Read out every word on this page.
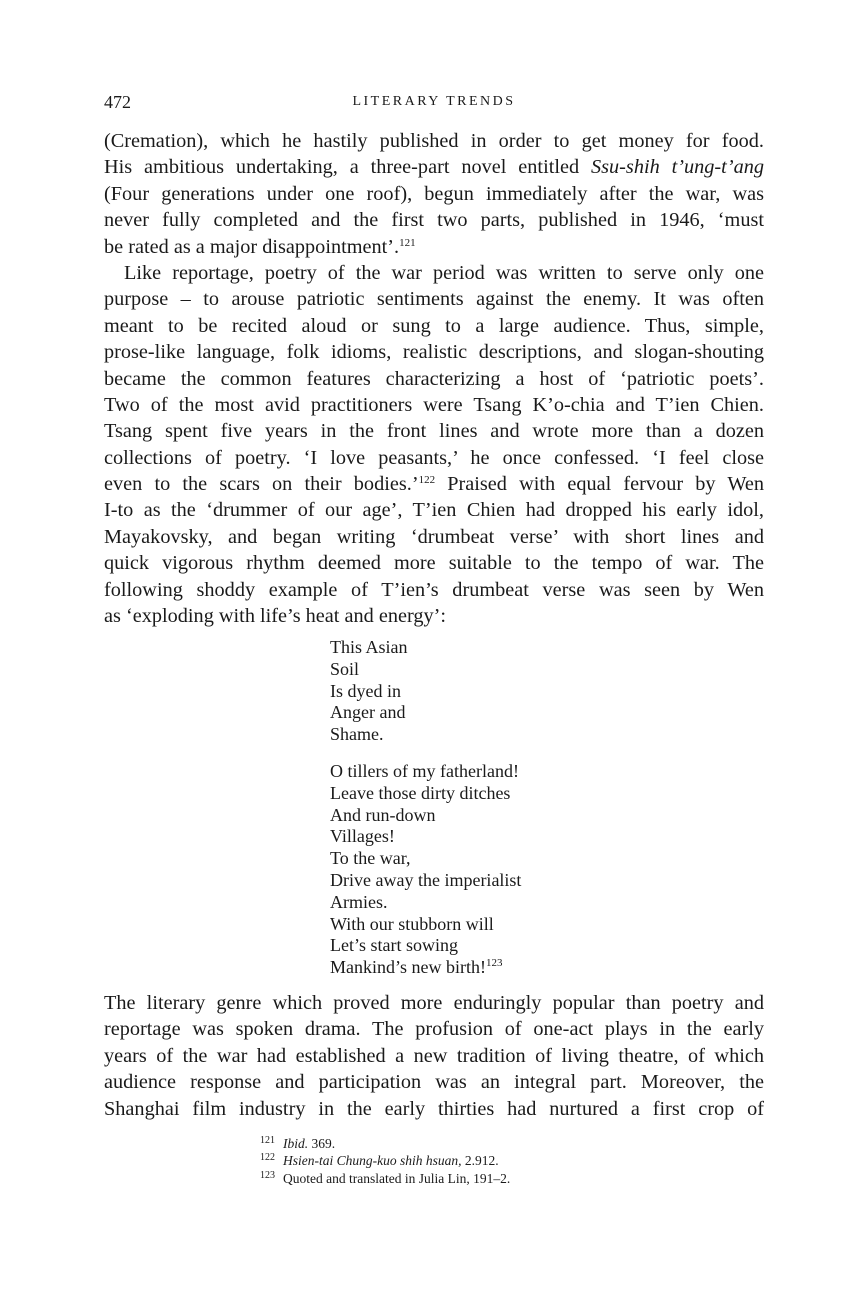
472	LITERARY TRENDS
(Cremation), which he hastily published in order to get money for food.
His ambitious undertaking, a three-part novel entitled Ssu-shih t’ung-t’ang
(Four generations under one roof), begun immediately after the war, was
never fully completed and the first two parts, published in 1946, ‘must
be rated as a major disappointment’.$^{121}$
Like reportage, poetry of the war period was written to serve only one
purpose – to arouse patriotic sentiments against the enemy. It was often
meant to be recited aloud or sung to a large audience. Thus, simple,
prose-like language, folk idioms, realistic descriptions, and slogan-shouting
became the common features characterizing a host of ‘patriotic poets’.
Two of the most avid practitioners were Tsang K’o-chia and T’ien Chien.
Tsang spent five years in the front lines and wrote more than a dozen
collections of poetry. ‘I love peasants,’ he once confessed. ‘I feel close
even to the scars on their bodies.’$^{122}$ Praised with equal fervour by Wen
I-to as the ‘drummer of our age’, T’ien Chien had dropped his early idol,
Mayakovsky, and began writing ‘drumbeat verse’ with short lines and
quick vigorous rhythm deemed more suitable to the tempo of war. The
following shoddy example of T’ien’s drumbeat verse was seen by Wen
as ‘exploding with life’s heat and energy’:
This Asian
Soil
Is dyed in
Anger and
Shame.
O tillers of my fatherland!
Leave those dirty ditches
And run-down
Villages!
To the war,
Drive away the imperialist
Armies.
With our stubborn will
Let’s start sowing
Mankind’s new birth!$^{123}$
The literary genre which proved more enduringly popular than poetry and
reportage was spoken drama. The profusion of one-act plays in the early
years of the war had established a new tradition of living theatre, of which
audience response and participation was an integral part. Moreover, the
Shanghai film industry in the early thirties had nurtured a first crop of
$^{121}$ Ibid. 369.
$^{122}$ Hsien-tai Chung-kuo shih hsuan, 2.912.
$^{123}$ Quoted and translated in Julia Lin, 191–2.
